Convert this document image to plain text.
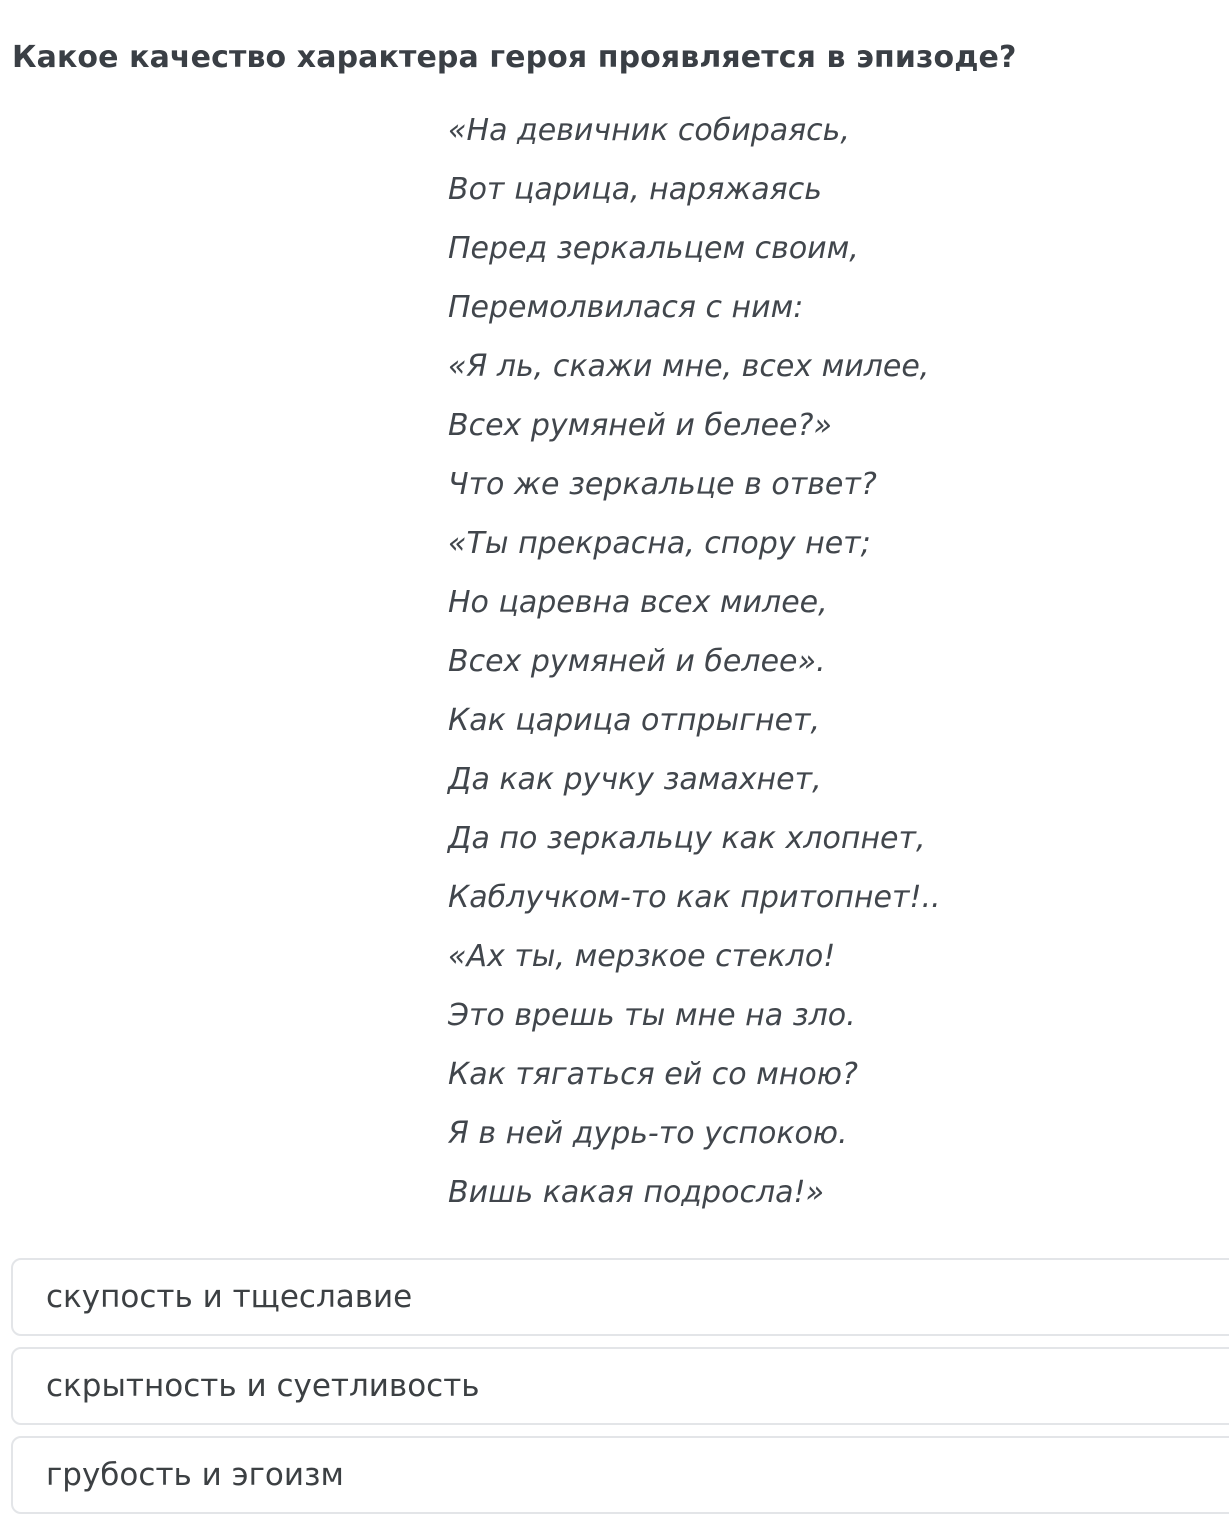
Какое качество характера героя проявляется в эпизоде?
«На девичник собираясь,
Вот царица, наряжаясь
Перед зеркальцем своим,
Перемолвилася с ним:
«Я ль, скажи мне, всех милее,
Всех румяней и белее?»
Что же зеркальце в ответ?
«Ты прекрасна, спору нет;
Но царевна всех милее,
Всех румяней и белее».
Как царица отпрыгнет,
Да как ручку замахнет,
Да по зеркальцу как хлопнет,
Каблучком-то как притопнет!..
«Ах ты, мерзкое стекло!
Это врешь ты мне на зло.
Как тягаться ей со мною?
Я в ней дурь-то успокою.
Вишь какая подросла!»
скупость и тщеславие
скрытность и суетливость
грубость и эгоизм
